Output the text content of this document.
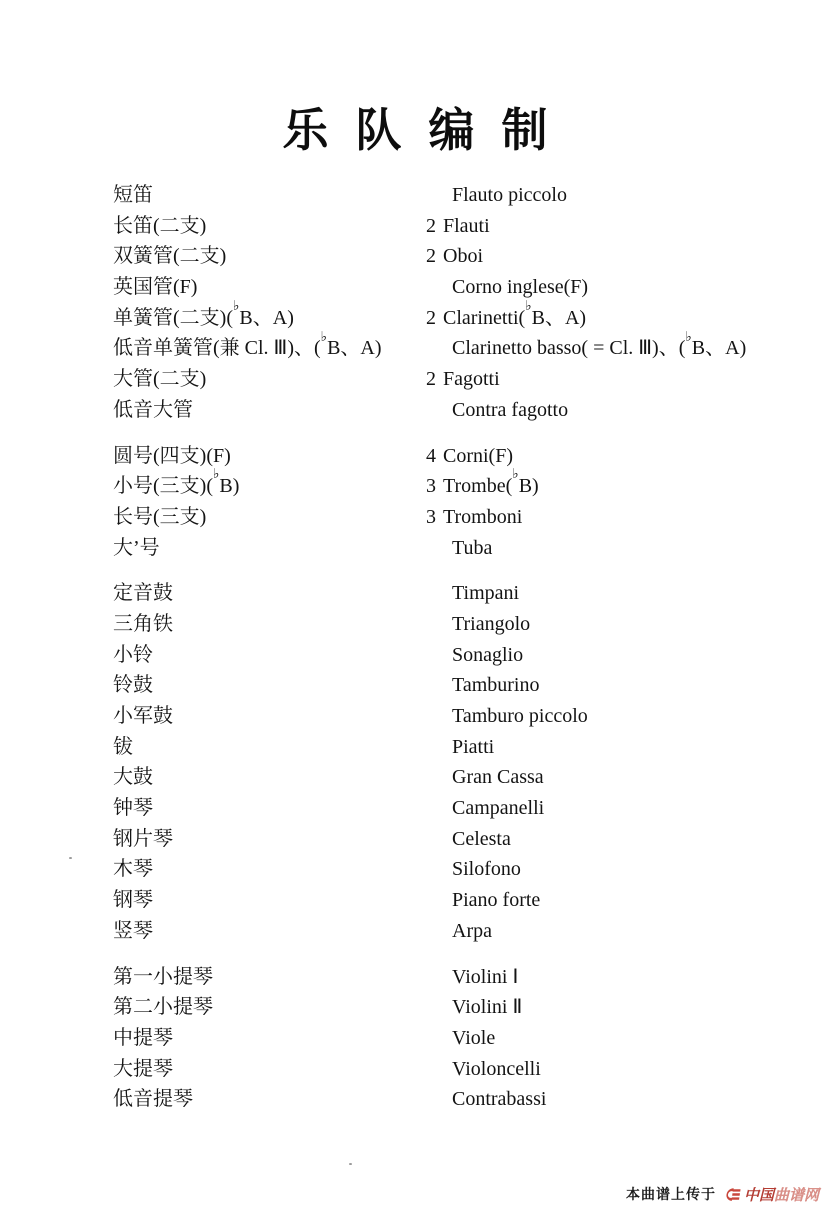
乐队编制
短笛	Flauto piccolo
长笛(二支)	2 Flauti
双簧管(二支)	2 Oboi
英国管(F)	Corno inglese(F)
单簧管(二支)(♭B、A)	2 Clarinetti(♭B、A)
低音单簧管(兼 Cl. Ⅲ)、(♭B、A)	Clarinetto basso( = Cl. Ⅲ)、(♭B、A)
大管(二支)	2 Fagotti
低音大管	Contra fagotto
圆号(四支)(F)	4 Corni(F)
小号(三支)(♭B)	3 Trombe(♭B)
长号(三支)	3 Tromboni
大’号	Tuba
定音鼓	Timpani
三角铁	Triangolo
小铃	Sonaglio
铃鼓	Tamburino
小军鼓	Tamburo piccolo
钹	Piatti
大鼓	Gran Cassa
钟琴	Campanelli
钢片琴	Celesta
木琴	Silofono
钢琴	Piano forte
竖琴	Arpa
第一小提琴	Violini Ⅰ
第二小提琴	Violini Ⅱ
中提琴	Viole
大提琴	Violoncelli
低音提琴	Contrabassi
本曲谱上传于 中国曲谱网
